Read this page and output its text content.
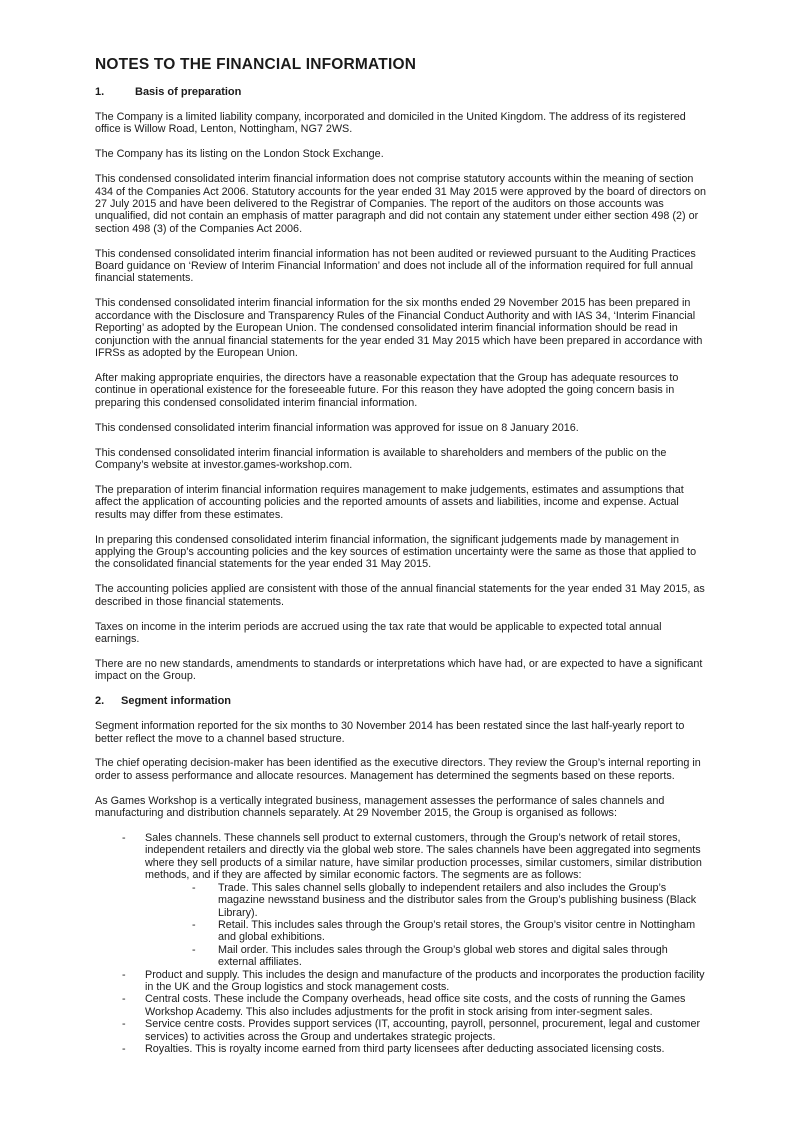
NOTES TO THE FINANCIAL INFORMATION
1.	Basis of preparation

The Company is a limited liability company, incorporated and domiciled in the United Kingdom. The address of its registered office is Willow Road, Lenton, Nottingham, NG7 2WS.

The Company has its listing on the London Stock Exchange.

This condensed consolidated interim financial information does not comprise statutory accounts within the meaning of section 434 of the Companies Act 2006. Statutory accounts for the year ended 31 May 2015 were approved by the board of directors on 27 July 2015 and have been delivered to the Registrar of Companies. The report of the auditors on those accounts was unqualified, did not contain an emphasis of matter paragraph and did not contain any statement under either section 498 (2) or section 498 (3) of the Companies Act 2006.

This condensed consolidated interim financial information has not been audited or reviewed pursuant to the Auditing Practices Board guidance on ‘Review of Interim Financial Information’ and does not include all of the information required for full annual financial statements.

This condensed consolidated interim financial information for the six months ended 29 November 2015 has been prepared in accordance with the Disclosure and Transparency Rules of the Financial Conduct Authority and with IAS 34, ‘Interim Financial Reporting’ as adopted by the European Union. The condensed consolidated interim financial information should be read in conjunction with the annual financial statements for the year ended 31 May 2015 which have been prepared in accordance with IFRSs as adopted by the European Union.

After making appropriate enquiries, the directors have a reasonable expectation that the Group has adequate resources to continue in operational existence for the foreseeable future. For this reason they have adopted the going concern basis in preparing this condensed consolidated interim financial information.

This condensed consolidated interim financial information was approved for issue on 8 January 2016.

This condensed consolidated interim financial information is available to shareholders and members of the public on the Company’s website at investor.games-workshop.com.

The preparation of interim financial information requires management to make judgements, estimates and assumptions that affect the application of accounting policies and the reported amounts of assets and liabilities, income and expense. Actual results may differ from these estimates.

In preparing this condensed consolidated interim financial information, the significant judgements made by management in applying the Group’s accounting policies and the key sources of estimation uncertainty were the same as those that applied to the consolidated financial statements for the year ended 31 May 2015.

The accounting policies applied are consistent with those of the annual financial statements for the year ended 31 May 2015, as described in those financial statements.

Taxes on income in the interim periods are accrued using the tax rate that would be applicable to expected total annual earnings.

There are no new standards, amendments to standards or interpretations which have had, or are expected to have a significant impact on the Group.

2.	Segment information

Segment information reported for the six months to 30 November 2014 has been restated since the last half-yearly report to better reflect the move to a channel based structure.

The chief operating decision-maker has been identified as the executive directors. They review the Group’s internal reporting in order to assess performance and allocate resources. Management has determined the segments based on these reports.

As Games Workshop is a vertically integrated business, management assesses the performance of sales channels and manufacturing and distribution channels separately. At 29 November 2015, the Group is organised as follows:

-	Sales channels. These channels sell product to external customers, through the Group’s network of retail stores, independent retailers and directly via the global web store. The sales channels have been aggregated into segments where they sell products of a similar nature, have similar production processes, similar customers, similar distribution methods, and if they are affected by similar economic factors. The segments are as follows:
-	Trade. This sales channel sells globally to independent retailers and also includes the Group’s magazine newsstand business and the distributor sales from the Group’s publishing business (Black Library).
-	Retail. This includes sales through the Group’s retail stores, the Group’s visitor centre in Nottingham and global exhibitions.
-	Mail order. This includes sales through the Group’s global web stores and digital sales through external affiliates.
-	Product and supply. This includes the design and manufacture of the products and incorporates the production facility in the UK and the Group logistics and stock management costs.
-	Central costs. These include the Company overheads, head office site costs, and the costs of running the Games Workshop Academy. This also includes adjustments for the profit in stock arising from inter-segment sales.
-	Service centre costs. Provides support services (IT, accounting, payroll, personnel, procurement, legal and customer services) to activities across the Group and undertakes strategic projects.
-	Royalties. This is royalty income earned from third party licensees after deducting associated licensing costs.
